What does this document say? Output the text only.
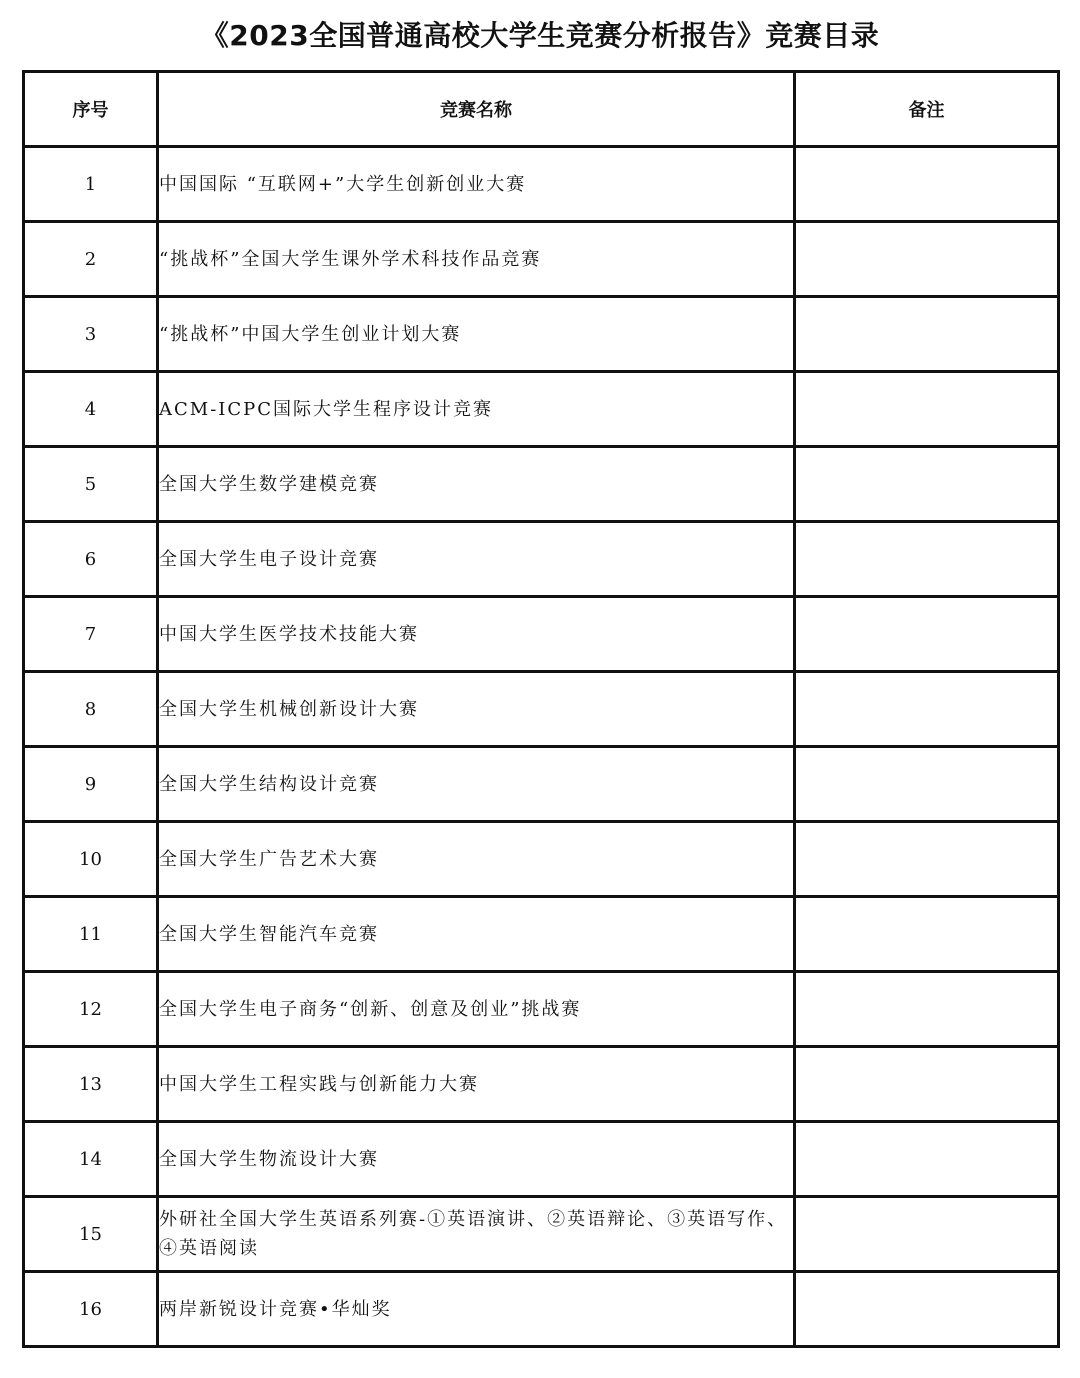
《2023全国普通高校大学生竞赛分析报告》竞赛目录
序号	竞赛名称	备注
1	中国国际 “互联网+”大学生创新创业大赛	
2	“挑战杯”全国大学生课外学术科技作品竞赛	
3	“挑战杯”中国大学生创业计划大赛	
4	ACM-ICPC国际大学生程序设计竞赛	
5	全国大学生数学建模竞赛	
6	全国大学生电子设计竞赛	
7	中国大学生医学技术技能大赛	
8	全国大学生机械创新设计大赛	
9	全国大学生结构设计竞赛	
10	全国大学生广告艺术大赛	
11	全国大学生智能汽车竞赛	
12	全国大学生电子商务“创新、创意及创业”挑战赛	
13	中国大学生工程实践与创新能力大赛	
14	全国大学生物流设计大赛	
15	外研社全国大学生英语系列赛-①英语演讲、②英语辩论、③英语写作、④英语阅读	
16	两岸新锐设计竞赛•华灿奖	
